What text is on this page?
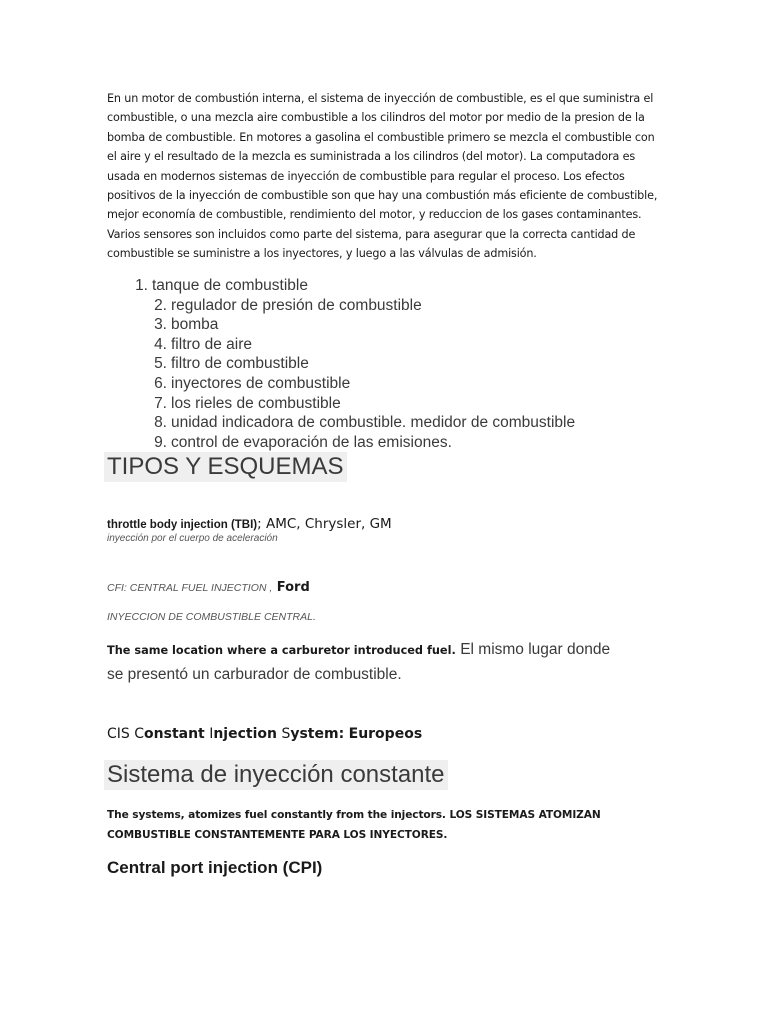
En un motor de combustión interna, el sistema de inyección de combustible, es el que suministra el combustible, o una mezcla aire combustible a los cilindros del motor por medio de la presion de la bomba de combustible. En motores a gasolina el combustible primero se mezcla el combustible con el aire y el resultado de la mezcla es suministrada a los cilindros (del motor). La computadora es usada en modernos sistemas de inyección de combustible para regular el proceso. Los efectos positivos de la inyección de combustible son que hay una combustión más eficiente de combustible, mejor economía de combustible, rendimiento del motor, y reduccion de los gases contaminantes. Varios sensores son incluidos como parte del sistema, para asegurar que la correcta cantidad de combustible se suministre a los inyectores, y luego a las válvulas de admisión.

1. tanque de combustible
2. regulador de presión de combustible
3. bomba
4. filtro de aire
5. filtro de combustible
6. inyectores de combustible
7. los rieles de combustible
8. unidad indicadora de combustible. medidor de combustible
9. control de evaporación de las emisiones.
TIPOS Y ESQUEMAS
throttle body injection (TBI); AMC, Chrysler, GM
inyección por el cuerpo de aceleración
CFI: CENTRAL FUEL INJECTION , Ford
INYECCION DE COMBUSTIBLE CENTRAL.
The same location where a carburetor introduced fuel. El mismo lugar donde se presentó un carburador de combustible.
CIS Constant Injection System: Europeos
Sistema de inyección constante

The systems, atomizes fuel constantly from the injectors. LOS SISTEMAS ATOMIZAN COMBUSTIBLE CONSTANTEMENTE PARA LOS INYECTORES.

Central port injection (CPI)
